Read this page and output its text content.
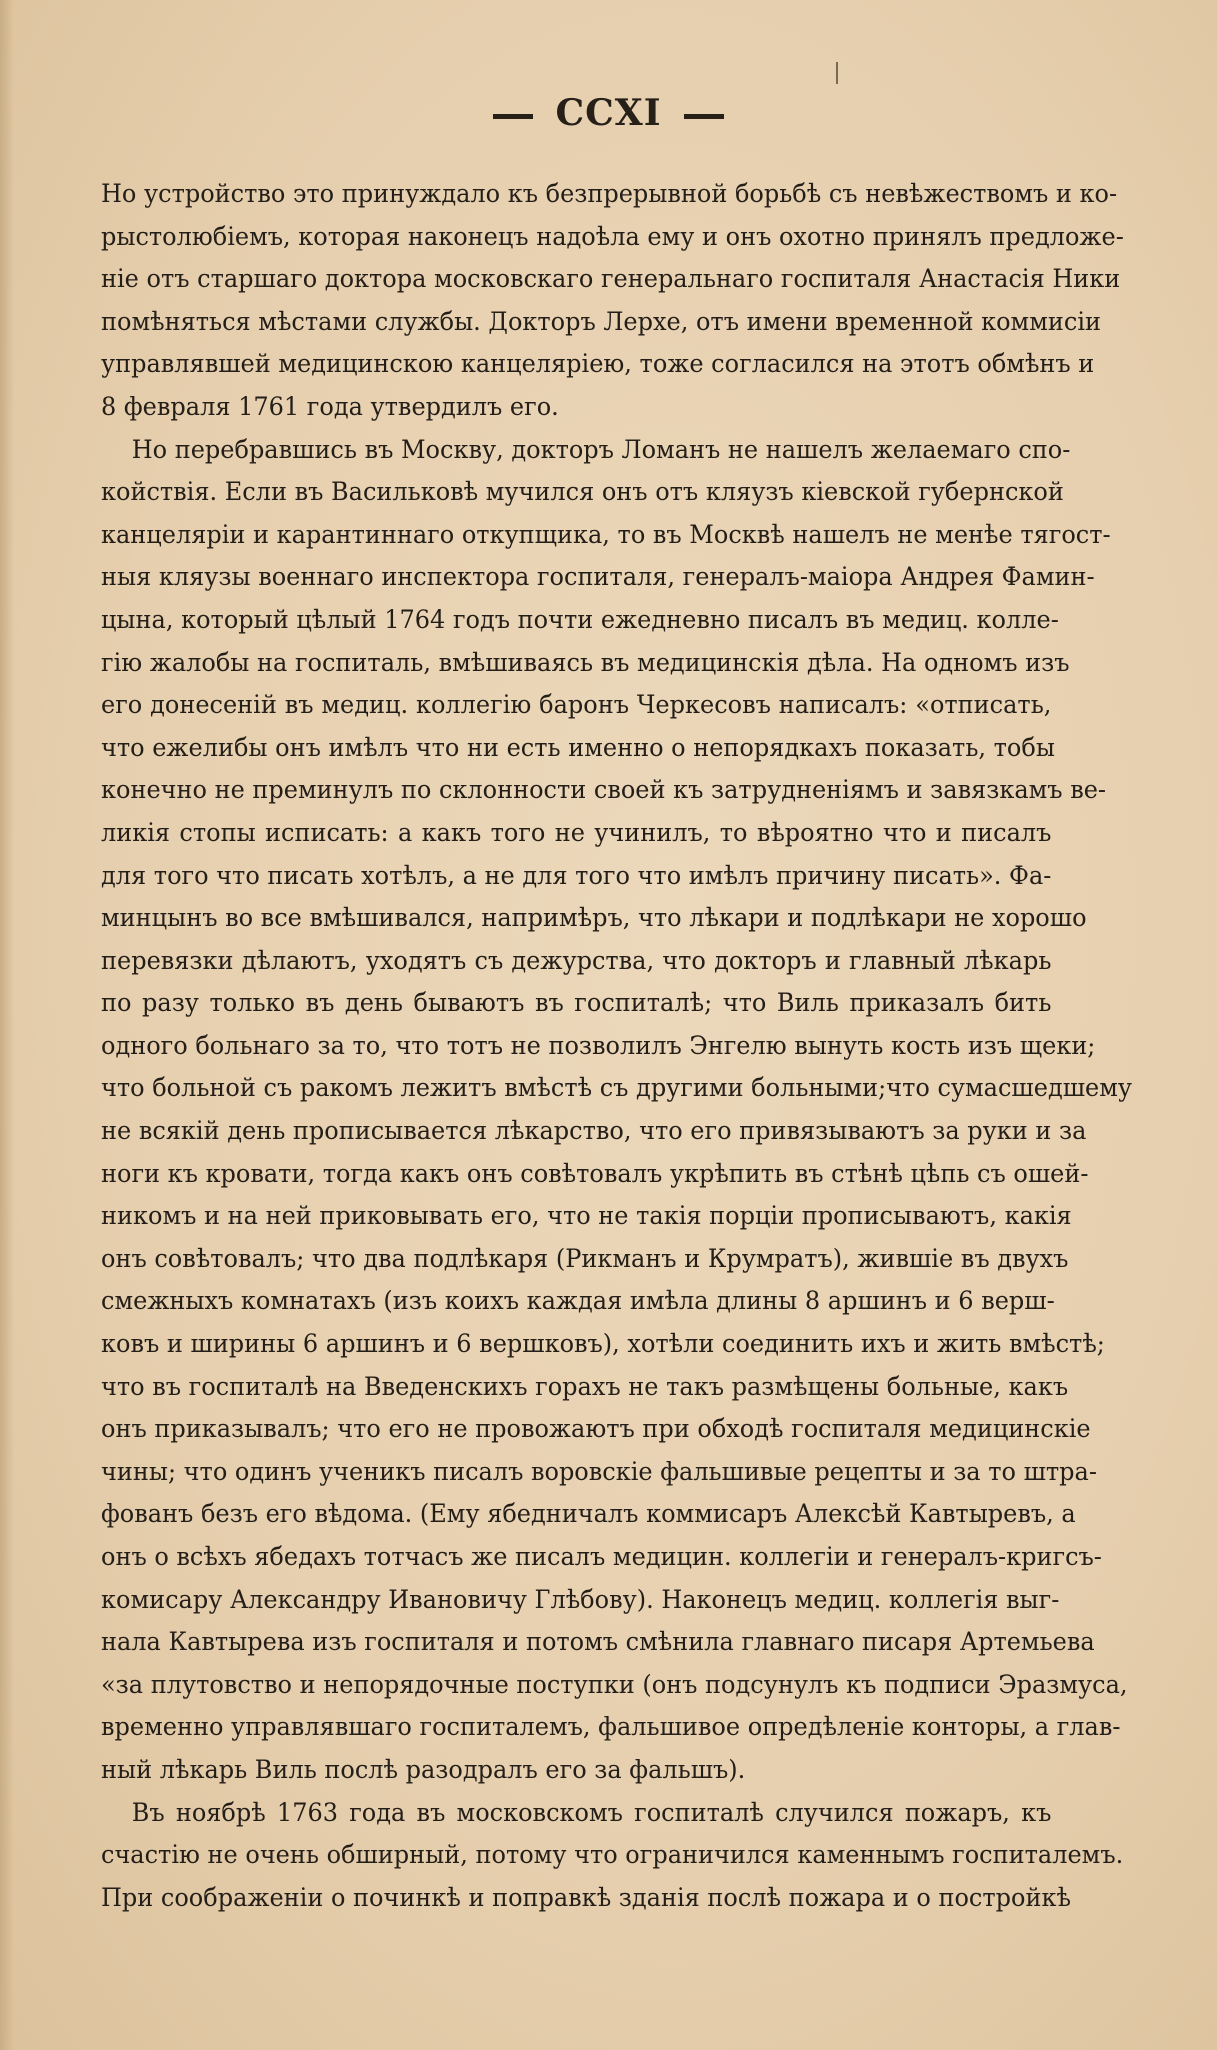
CCXI
Но устройство это принуждало къ безпрерывной борьбѣ съ невѣжествомъ и ко-
рыстолюбіемъ, которая наконецъ надоѣла ему и онъ охотно принялъ предложе-
ніе отъ старшаго доктора московскаго генеральнаго госпиталя Анастасія Ники
помѣняться мѣстами службы. Докторъ Лерхе, отъ имени временной коммисіи
управлявшей медицинскою канцеляріею, тоже согласился на этотъ обмѣнъ и
8 февраля 1761 года утвердилъ его.
Но перебравшись въ Москву, докторъ Ломанъ не нашелъ желаемаго спо-
койствія. Если въ Васильковѣ мучился онъ отъ кляузъ кіевской губернской
канцеляріи и карантиннаго откупщика, то въ Москвѣ нашелъ не менѣе тягост-
ныя кляузы военнаго инспектора госпиталя, генералъ-маіора Андрея Фамин-
цына, который цѣлый 1764 годъ почти ежедневно писалъ въ медиц. колле-
гію жалобы на госпиталь, вмѣшиваясь въ медицинскія дѣла. На одномъ изъ
его донесеній въ медиц. коллегію баронъ Черкесовъ написалъ: «отписать,
что ежелибы онъ имѣлъ что ни есть именно о непорядкахъ показать, тобы
конечно не преминулъ по склонности своей къ затрудненіямъ и завязкамъ ве-
ликія стопы исписать: а какъ того не учинилъ, то вѣроятно что и писалъ
для того что писать хотѣлъ, а не для того что имѣлъ причину писать». Фа-
минцынъ во все вмѣшивался, напримѣръ, что лѣкари и подлѣкари не хорошо
перевязки дѣлаютъ, уходятъ съ дежурства, что докторъ и главный лѣкарь
по разу только въ день бываютъ въ госпиталѣ; что Виль приказалъ бить
одного больнаго за то, что тотъ не позволилъ Энгелю вынуть кость изъ щеки;
что больной съ ракомъ лежитъ вмѣстѣ съ другими больными;что сумасшедшему
не всякій день прописывается лѣкарство, что его привязываютъ за руки и за
ноги къ кровати, тогда какъ онъ совѣтовалъ укрѣпить въ стѣнѣ цѣпь съ ошей-
никомъ и на ней приковывать его, что не такія порціи прописываютъ, какія
онъ совѣтовалъ; что два подлѣкаря (Рикманъ и Крумратъ), жившіе въ двухъ
смежныхъ комнатахъ (изъ коихъ каждая имѣла длины 8 аршинъ и 6 верш-
ковъ и ширины 6 аршинъ и 6 вершковъ), хотѣли соединить ихъ и жить вмѣстѣ;
что въ госпиталѣ на Введенскихъ горахъ не такъ размѣщены больные, какъ
онъ приказывалъ; что его не провожаютъ при обходѣ госпиталя медицинскіе
чины; что одинъ ученикъ писалъ воровскіе фальшивые рецепты и за то штра-
фованъ безъ его вѣдома. (Ему ябедничалъ коммисаръ Алексѣй Кавтыревъ, а
онъ о всѣхъ ябедахъ тотчасъ же писалъ медицин. коллегіи и генералъ-кригсъ-
комисару Александру Ивановичу Глѣбову). Наконецъ медиц. коллегія выг-
нала Кавтырева изъ госпиталя и потомъ смѣнила главнаго писаря Артемьева
«за плутовство и непорядочные поступки (онъ подсунулъ къ подписи Эразмуса,
временно управлявшаго госпиталемъ, фальшивое опредѣленіе конторы, а глав-
ный лѣкарь Виль послѣ разодралъ его за фальшъ).
Въ ноябрѣ 1763 года въ московскомъ госпиталѣ случился пожаръ, къ
счастію не очень обширный, потому что ограничился каменнымъ госпиталемъ.
При соображеніи о починкѣ и поправкѣ зданія послѣ пожара и о постройкѣ
